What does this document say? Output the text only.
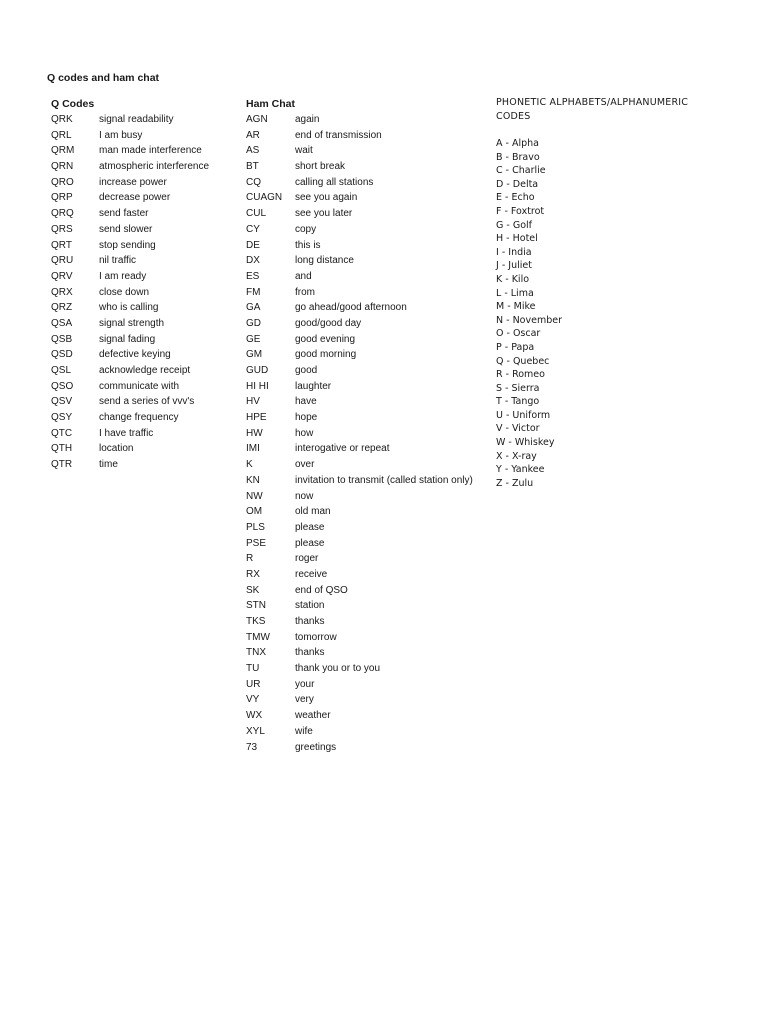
Q codes and ham chat
Q Codes
QRK	signal readability
QRL	I am busy
QRM	man made interference
QRN	atmospheric interference
QRO	increase power
QRP	decrease power
QRQ	send faster
QRS	send slower
QRT	stop sending
QRU	nil traffic
QRV	I am ready
QRX	close down
QRZ	who is calling
QSA	signal strength
QSB	signal fading
QSD	defective keying
QSL	acknowledge receipt
QSO	communicate with
QSV	send a series of vvv's
QSY	change frequency
QTC	I have traffic
QTH	location
QTR	time
Ham Chat
AGN	again
AR	end of transmission
AS	wait
BT	short break
CQ	calling all stations
CUAGN	see you again
CUL	see you later
CY	copy
DE	this is
DX	long distance
ES	and
FM	from
GA	go ahead/good afternoon
GD	good/good day
GE	good evening
GM	good morning
GUD	good
HI HI	laughter
HV	have
HPE	hope
HW	how
IMI	interogative or repeat
K	over
KN	invitation to transmit (called station only)
NW	now
OM	old man
PLS	please
PSE	please
R	roger
RX	receive
SK	end of QSO
STN	station
TKS	thanks
TMW	tomorrow
TNX	thanks
TU	thank you or to you
UR	your
VY	very
WX	weather
XYL	wife
73	greetings
PHONETIC ALPHABETS/ALPHANUMERIC
CODES
A - Alpha
B - Bravo
C - Charlie
D - Delta
E - Echo
F - Foxtrot
G - Golf
H - Hotel
I - India
J - Juliet
K - Kilo
L - Lima
M - Mike
N - November
O - Oscar
P - Papa
Q - Quebec
R - Romeo
S - Sierra
T - Tango
U - Uniform
V - Victor
W - Whiskey
X - X-ray
Y - Yankee
Z - Zulu
